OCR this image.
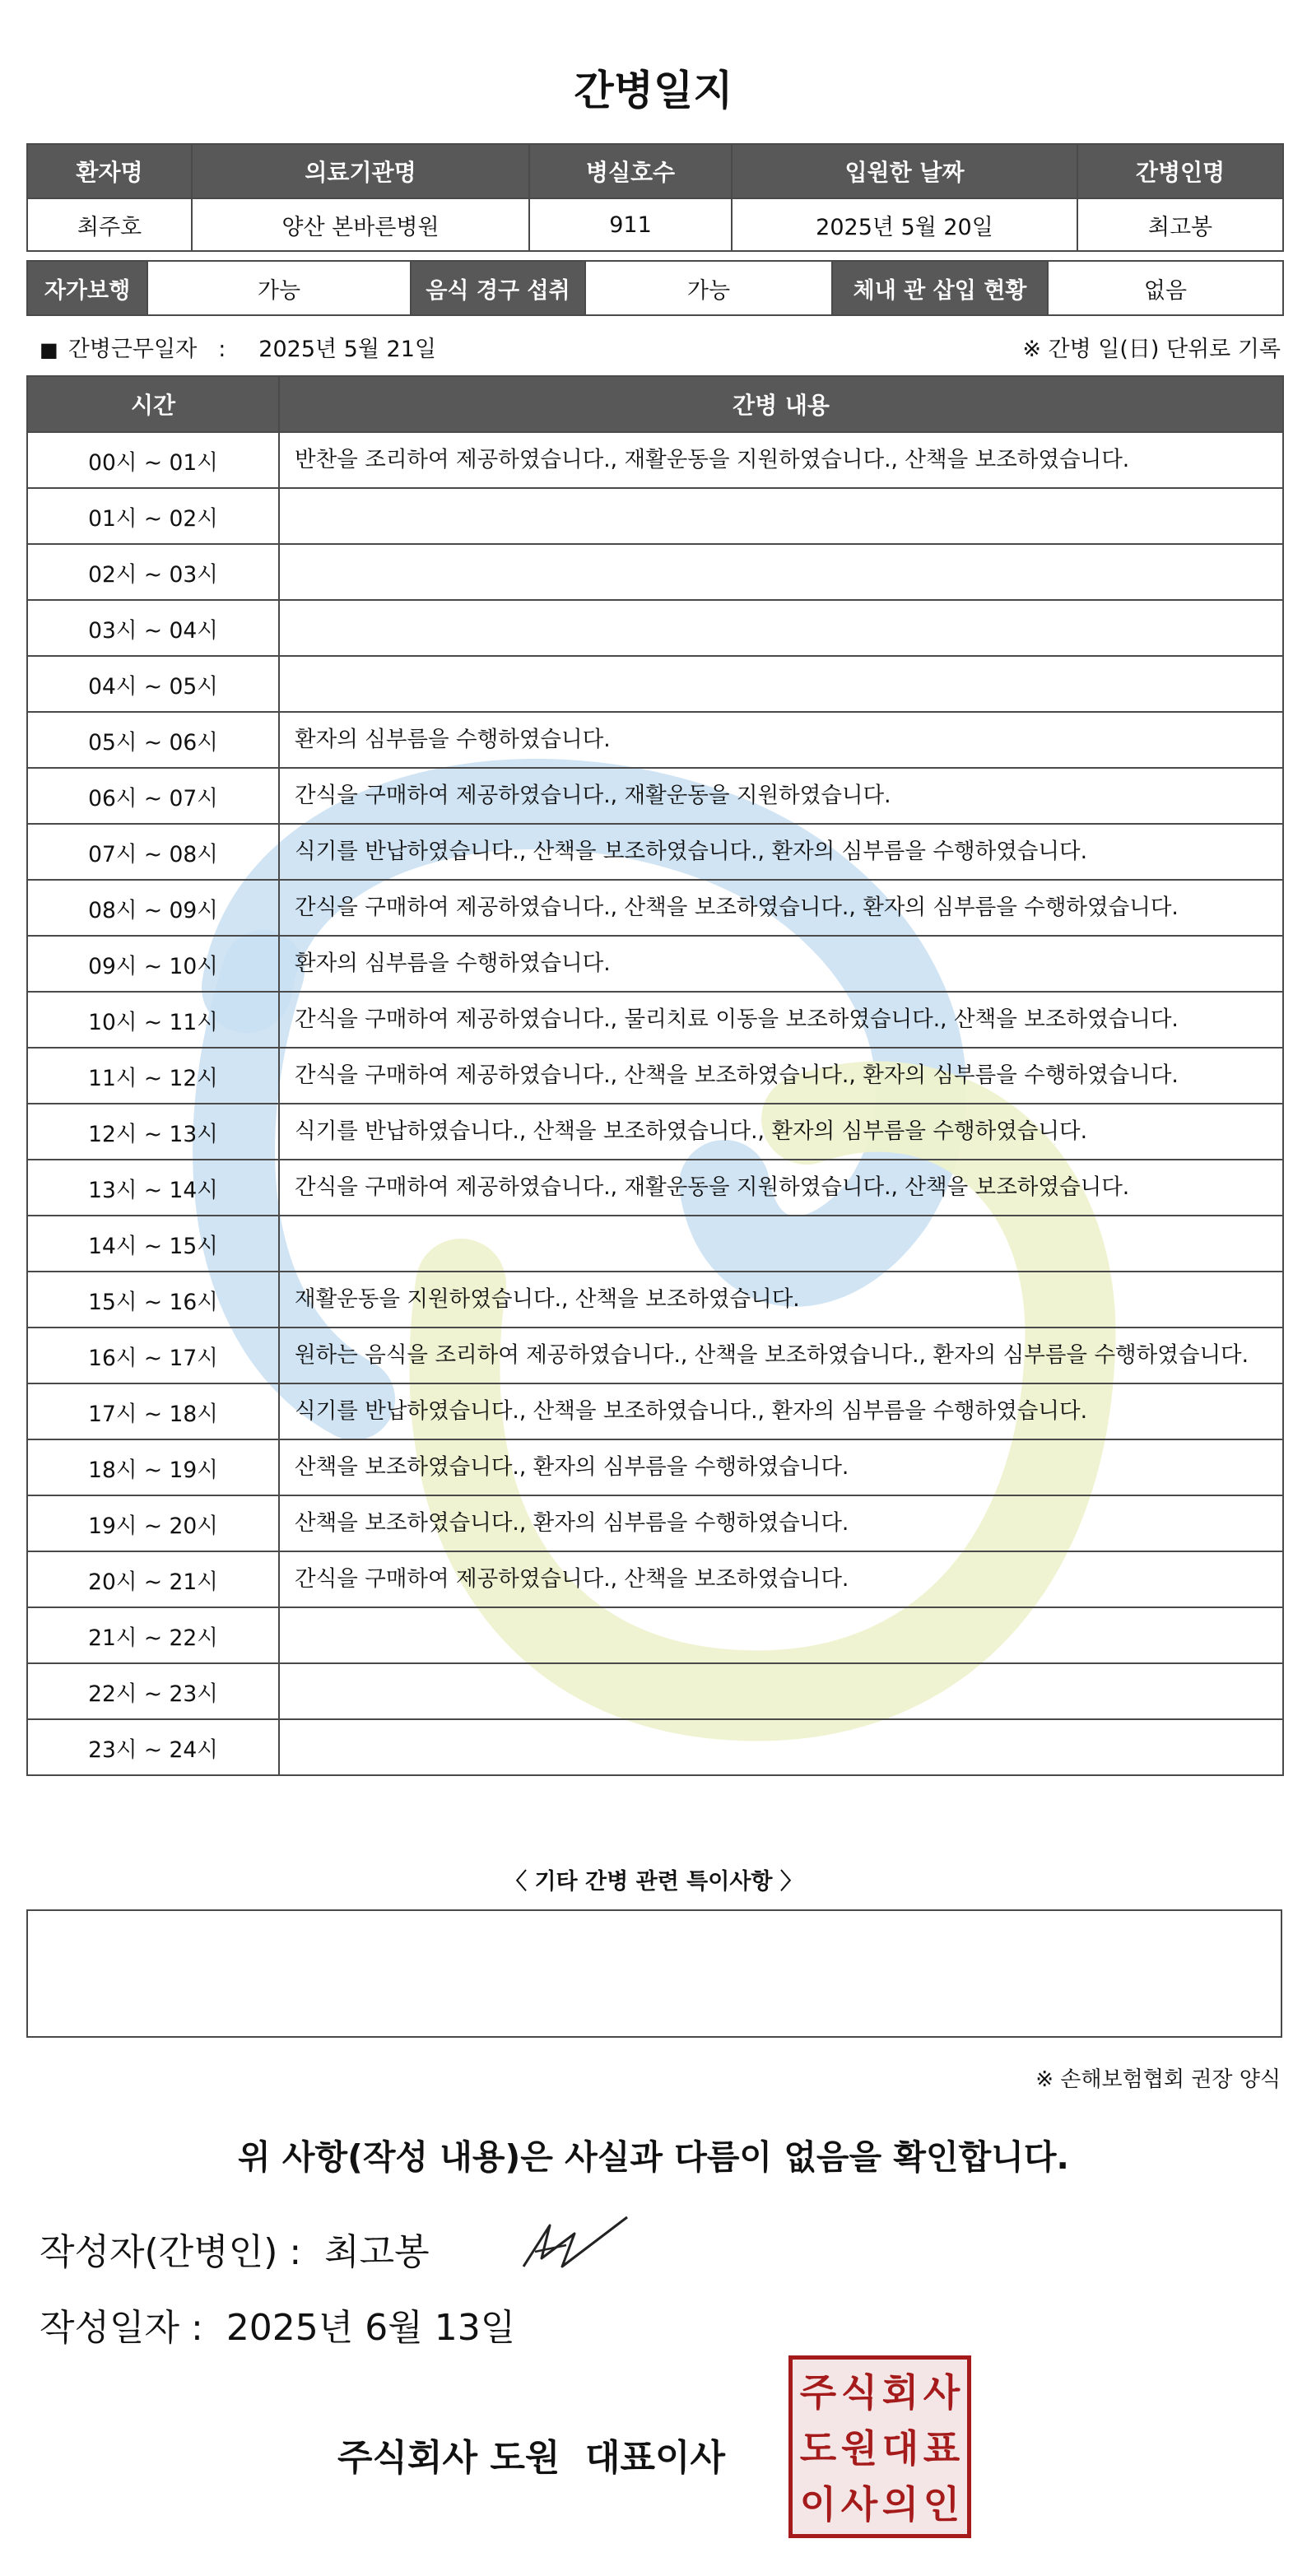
간병일지
환자명	의료기관명	병실호수	입원한 날짜	간병인명
최주호	양산 본바른병원	911	2025년 5월 20일	최고봉
자가보행	가능	음식 경구 섭취	가능	체내 관 삽입 현황	없음
■ 간병근무일자 : 2025년 5월 21일	※ 간병 일(日) 단위로 기록
시간	간병 내용
00시 ~ 01시	반찬을 조리하여 제공하였습니다., 재활운동을 지원하였습니다., 산책을 보조하였습니다.
01시 ~ 02시	
02시 ~ 03시	
03시 ~ 04시	
04시 ~ 05시	
05시 ~ 06시	환자의 심부름을 수행하였습니다.
06시 ~ 07시	간식을 구매하여 제공하였습니다., 재활운동을 지원하였습니다.
07시 ~ 08시	식기를 반납하였습니다., 산책을 보조하였습니다., 환자의 심부름을 수행하였습니다.
08시 ~ 09시	간식을 구매하여 제공하였습니다., 산책을 보조하였습니다., 환자의 심부름을 수행하였습니다.
09시 ~ 10시	환자의 심부름을 수행하였습니다.
10시 ~ 11시	간식을 구매하여 제공하였습니다., 물리치료 이동을 보조하였습니다., 산책을 보조하였습니다.
11시 ~ 12시	간식을 구매하여 제공하였습니다., 산책을 보조하였습니다., 환자의 심부름을 수행하였습니다.
12시 ~ 13시	식기를 반납하였습니다., 산책을 보조하였습니다., 환자의 심부름을 수행하였습니다.
13시 ~ 14시	간식을 구매하여 제공하였습니다., 재활운동을 지원하였습니다., 산책을 보조하였습니다.
14시 ~ 15시	
15시 ~ 16시	재활운동을 지원하였습니다., 산책을 보조하였습니다.
16시 ~ 17시	원하는 음식을 조리하여 제공하였습니다., 산책을 보조하였습니다., 환자의 심부름을 수행하였습니다.
17시 ~ 18시	식기를 반납하였습니다., 산책을 보조하였습니다., 환자의 심부름을 수행하였습니다.
18시 ~ 19시	산책을 보조하였습니다., 환자의 심부름을 수행하였습니다.
19시 ~ 20시	산책을 보조하였습니다., 환자의 심부름을 수행하였습니다.
20시 ~ 21시	간식을 구매하여 제공하였습니다., 산책을 보조하였습니다.
21시 ~ 22시	
22시 ~ 23시	
23시 ~ 24시	
〈 기타 간병 관련 특이사항 〉
※ 손해보험협회 권장 양식
위 사항(작성 내용)은 사실과 다름이 없음을 확인합니다.
작성자(간병인) : 최고봉
작성일자 : 2025년 6월 13일
주식회사 도원  대표이사
주 식 회 사
도 원 대 표
이 사 의 인
